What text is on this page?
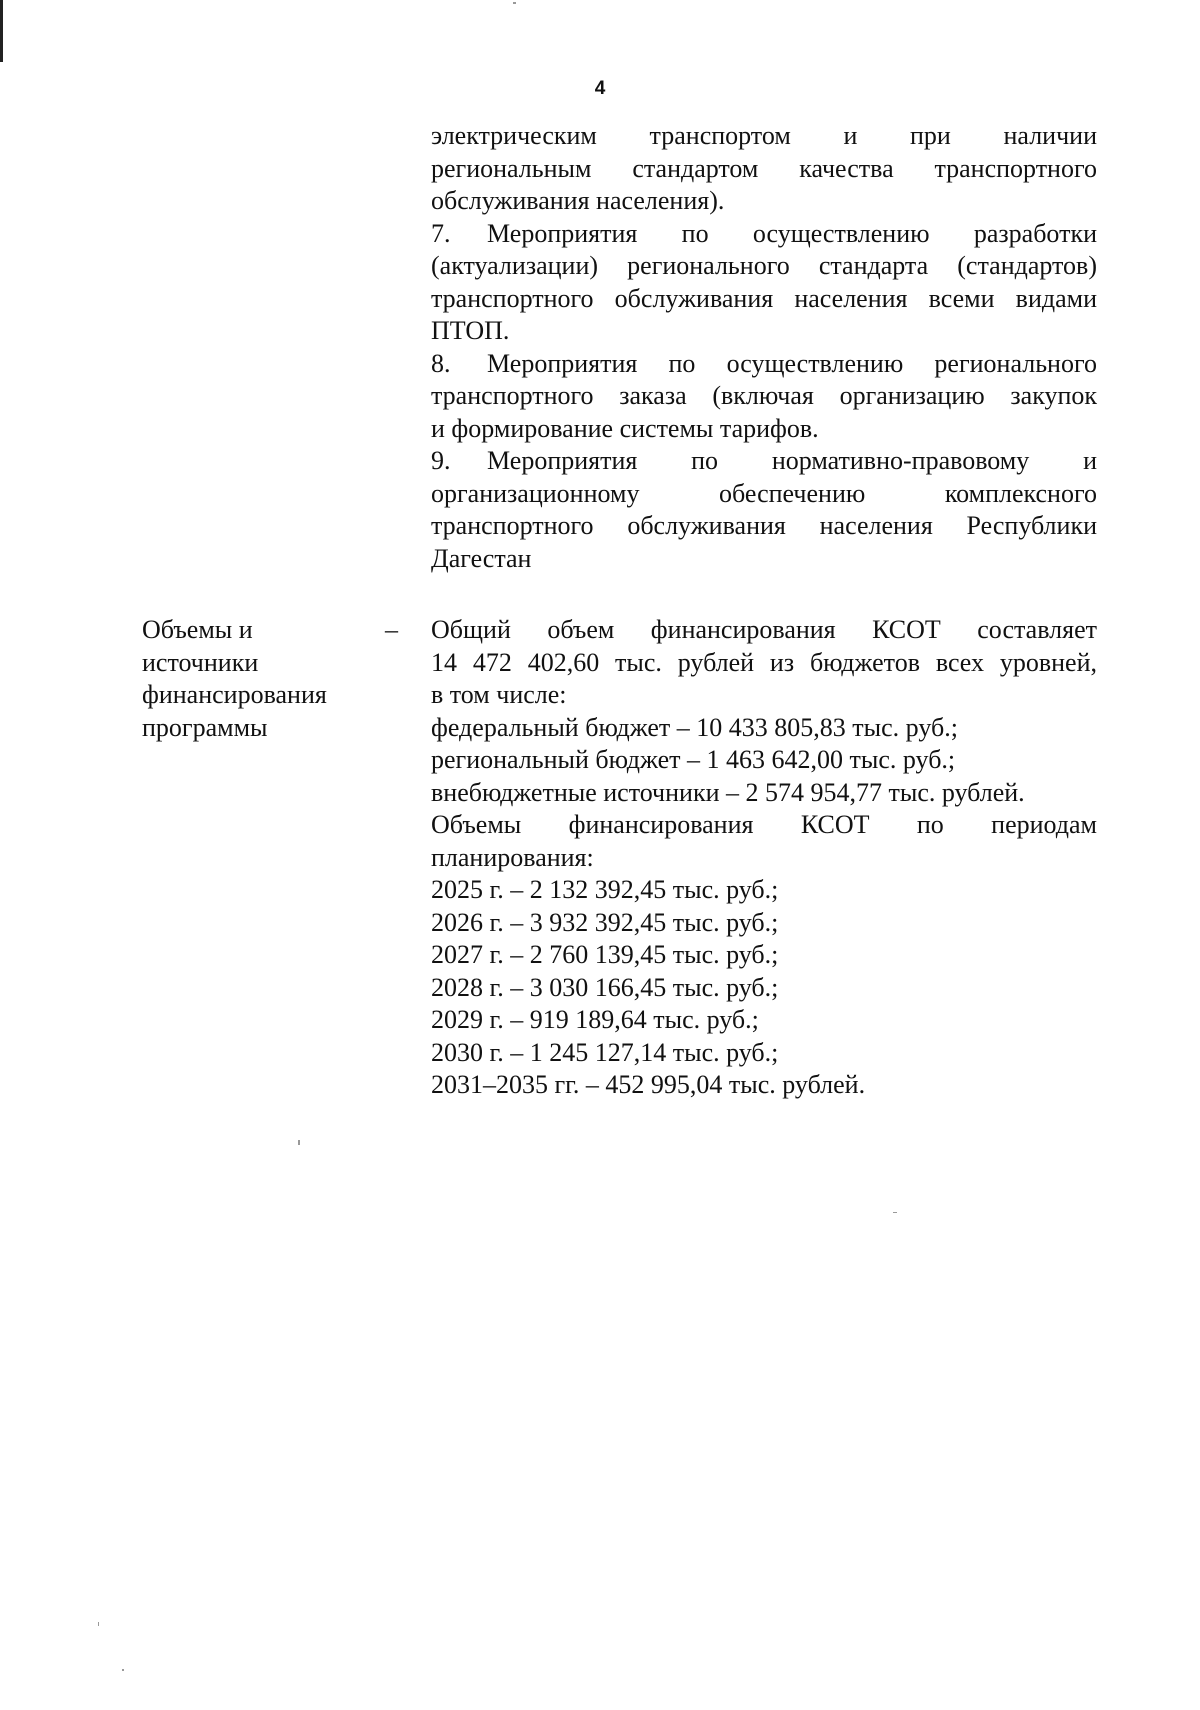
4
электрическим транспортом и при наличии
региональным стандартом качества транспортного
обслуживания населения).
7. Мероприятия по осуществлению разработки
(актуализации) регионального стандарта (стандартов)
транспортного обслуживания населения всеми видами
ПТОП.
8. Мероприятия по осуществлению регионального
транспортного заказа (включая организацию закупок
и формирование системы тарифов.
9. Мероприятия по нормативно-правовому и
организационному обеспечению комплексного
транспортного обслуживания населения Республики
Дагестан
Объемы и
источники
финансирования
программы
– Общий объем финансирования КСОТ составляет
14 472 402,60 тыс. рублей из бюджетов всех уровней,
в том числе:
федеральный бюджет – 10 433 805,83 тыс. руб.;
региональный бюджет – 1 463 642,00 тыс. руб.;
внебюджетные источники – 2 574 954,77 тыс. рублей.
Объемы финансирования КСОТ по периодам
планирования:
2025 г. – 2 132 392,45 тыс. руб.;
2026 г. – 3 932 392,45 тыс. руб.;
2027 г. – 2 760 139,45 тыс. руб.;
2028 г. – 3 030 166,45 тыс. руб.;
2029 г. – 919 189,64 тыс. руб.;
2030 г. – 1 245 127,14 тыс. руб.;
2031–2035 гг. – 452 995,04 тыс. рублей.
